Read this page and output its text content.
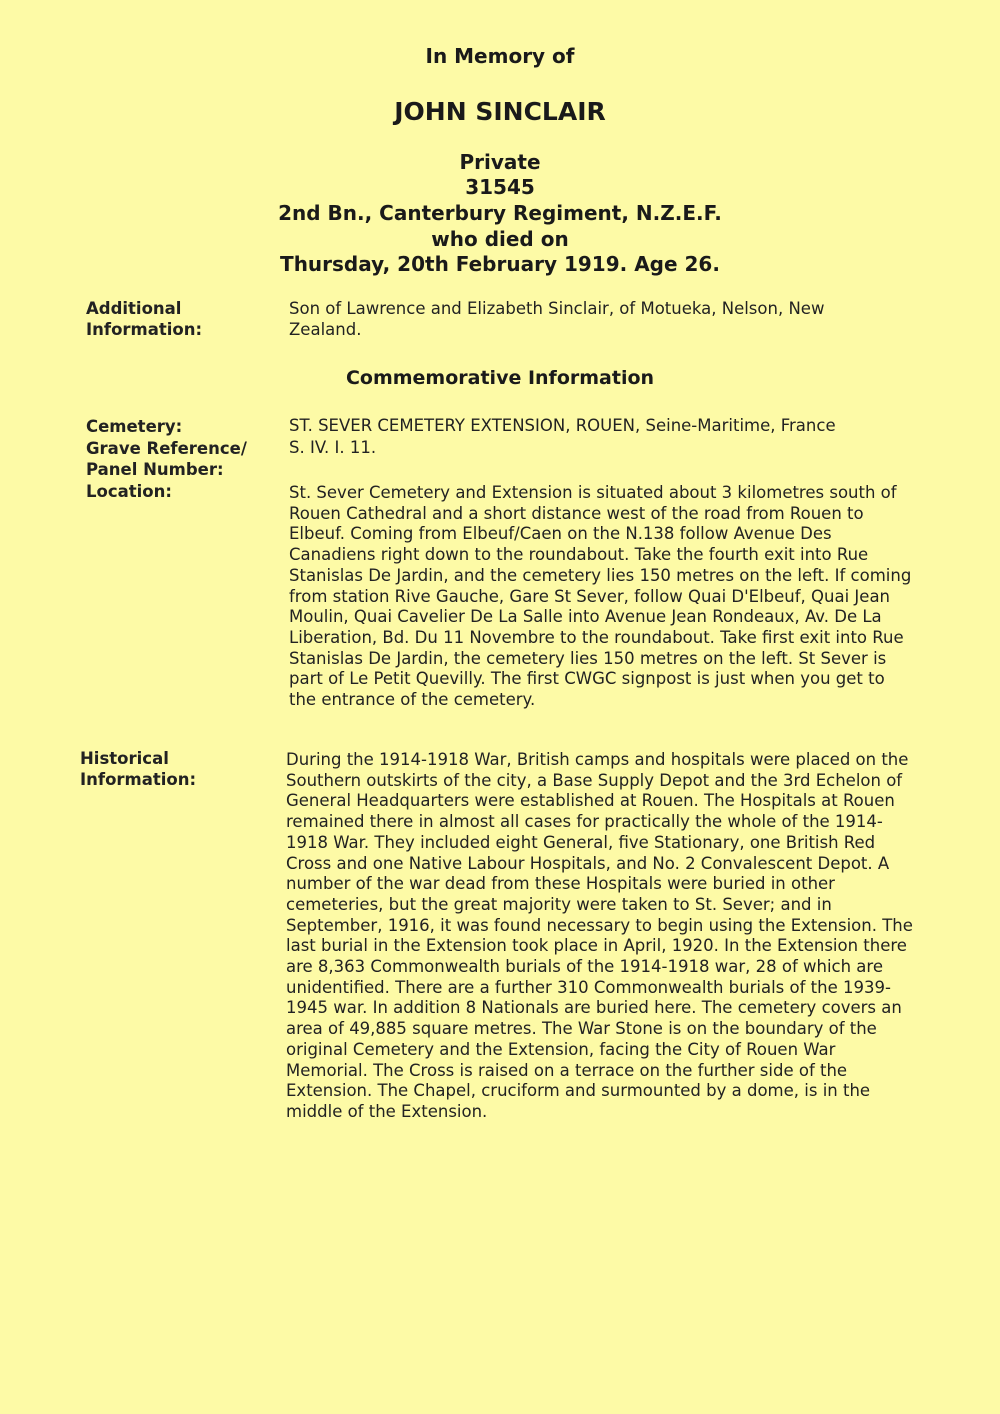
In Memory of
JOHN SINCLAIR
Private
31545
2nd Bn., Canterbury Regiment, N.Z.E.F.
who died on
Thursday, 20th February 1919. Age 26.
Additional
Information:
Son of Lawrence and Elizabeth Sinclair, of Motueka, Nelson, New Zealand.
Commemorative Information
Cemetery:	ST. SEVER CEMETERY EXTENSION, ROUEN, Seine-Maritime, France
Grave Reference/
Panel Number:
S. IV. I. 11.
Location:	St. Sever Cemetery and Extension is situated about 3 kilometres south of Rouen Cathedral and a short distance west of the road from Rouen to Elbeuf. Coming from Elbeuf/Caen on the N.138 follow Avenue Des Canadiens right down to the roundabout. Take the fourth exit into Rue Stanislas De Jardin, and the cemetery lies 150 metres on the left. If coming from station Rive Gauche, Gare St Sever, follow Quai D'Elbeuf, Quai Jean Moulin, Quai Cavelier De La Salle into Avenue Jean Rondeaux, Av. De La Liberation, Bd. Du 11 Novembre to the roundabout. Take first exit into Rue Stanislas De Jardin, the cemetery lies 150 metres on the left. St Sever is part of Le Petit Quevilly. The first CWGC signpost is just when you get to the entrance of the cemetery.
Historical
Information:
During the 1914-1918 War, British camps and hospitals were placed on the Southern outskirts of the city, a Base Supply Depot and the 3rd Echelon of General Headquarters were established at Rouen. The Hospitals at Rouen remained there in almost all cases for practically the whole of the 1914-1918 War. They included eight General, five Stationary, one British Red Cross and one Native Labour Hospitals, and No. 2 Convalescent Depot. A number of the war dead from these Hospitals were buried in other cemeteries, but the great majority were taken to St. Sever; and in September, 1916, it was found necessary to begin using the Extension. The last burial in the Extension took place in April, 1920. In the Extension there are 8,363 Commonwealth burials of the 1914-1918 war, 28 of which are unidentified. There are a further 310 Commonwealth burials of the 1939-1945 war. In addition 8 Nationals are buried here. The cemetery covers an area of 49,885 square metres. The War Stone is on the boundary of the original Cemetery and the Extension, facing the City of Rouen War Memorial. The Cross is raised on a terrace on the further side of the Extension. The Chapel, cruciform and surmounted by a dome, is in the middle of the Extension.
